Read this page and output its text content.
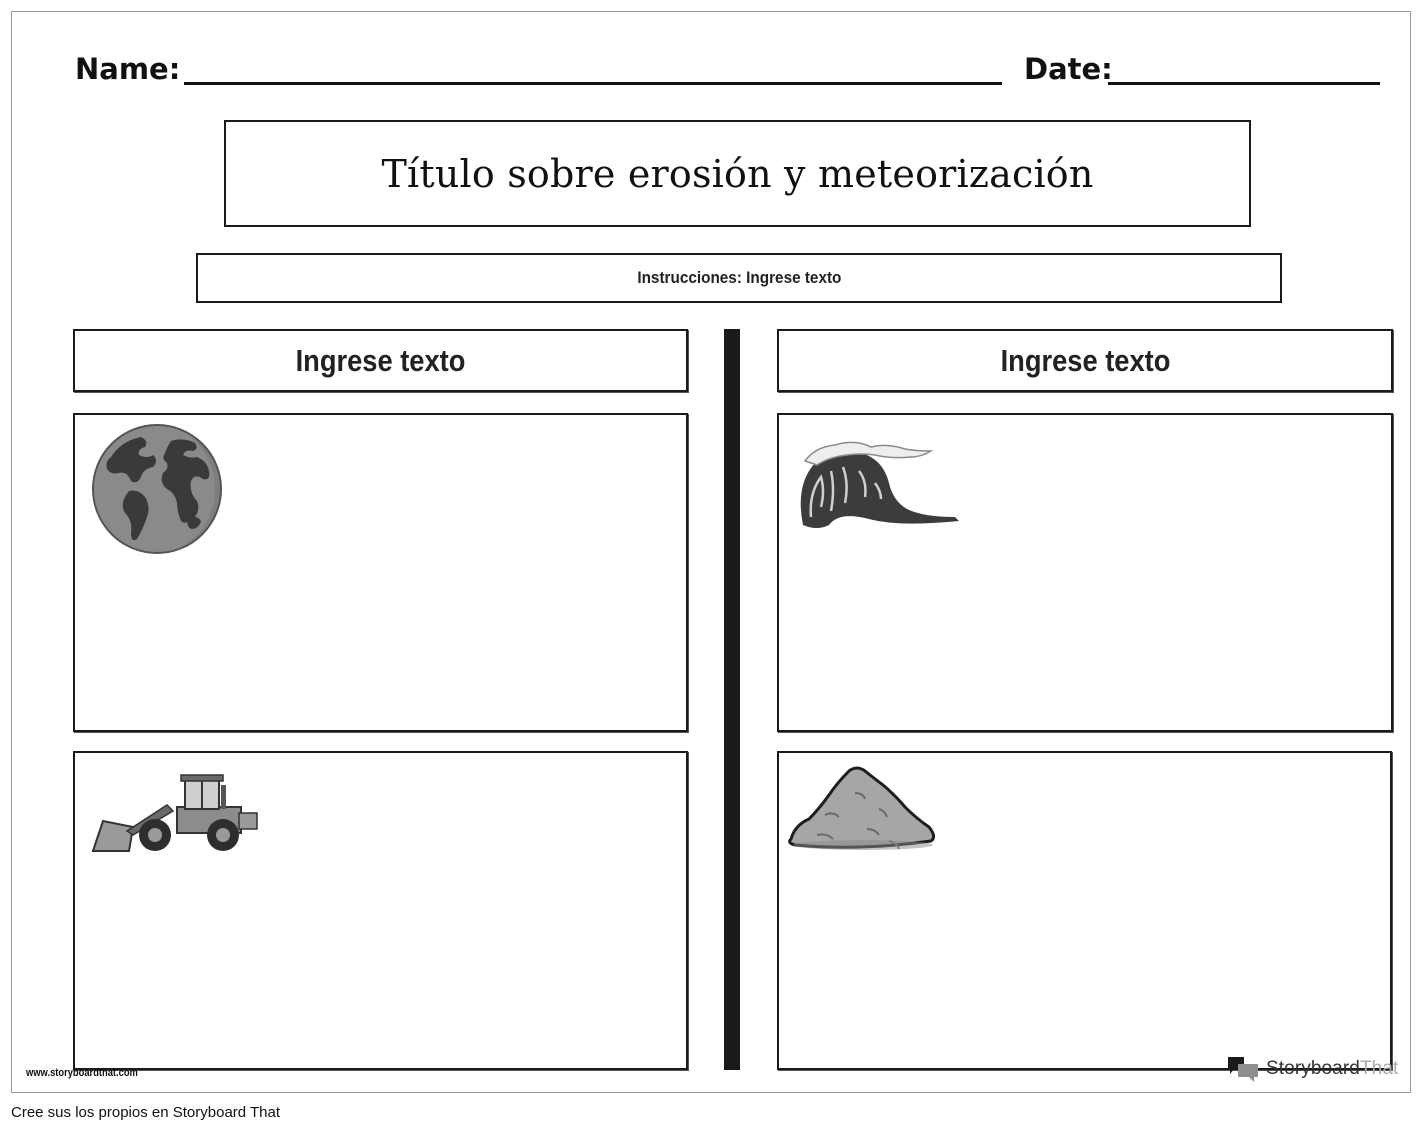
Name:	Date:
Título sobre erosión y meteorización
Instrucciones: Ingrese texto
Ingrese texto	Ingrese texto
www.storyboardthat.com	StoryboardThat
Cree sus los propios en Storyboard That
